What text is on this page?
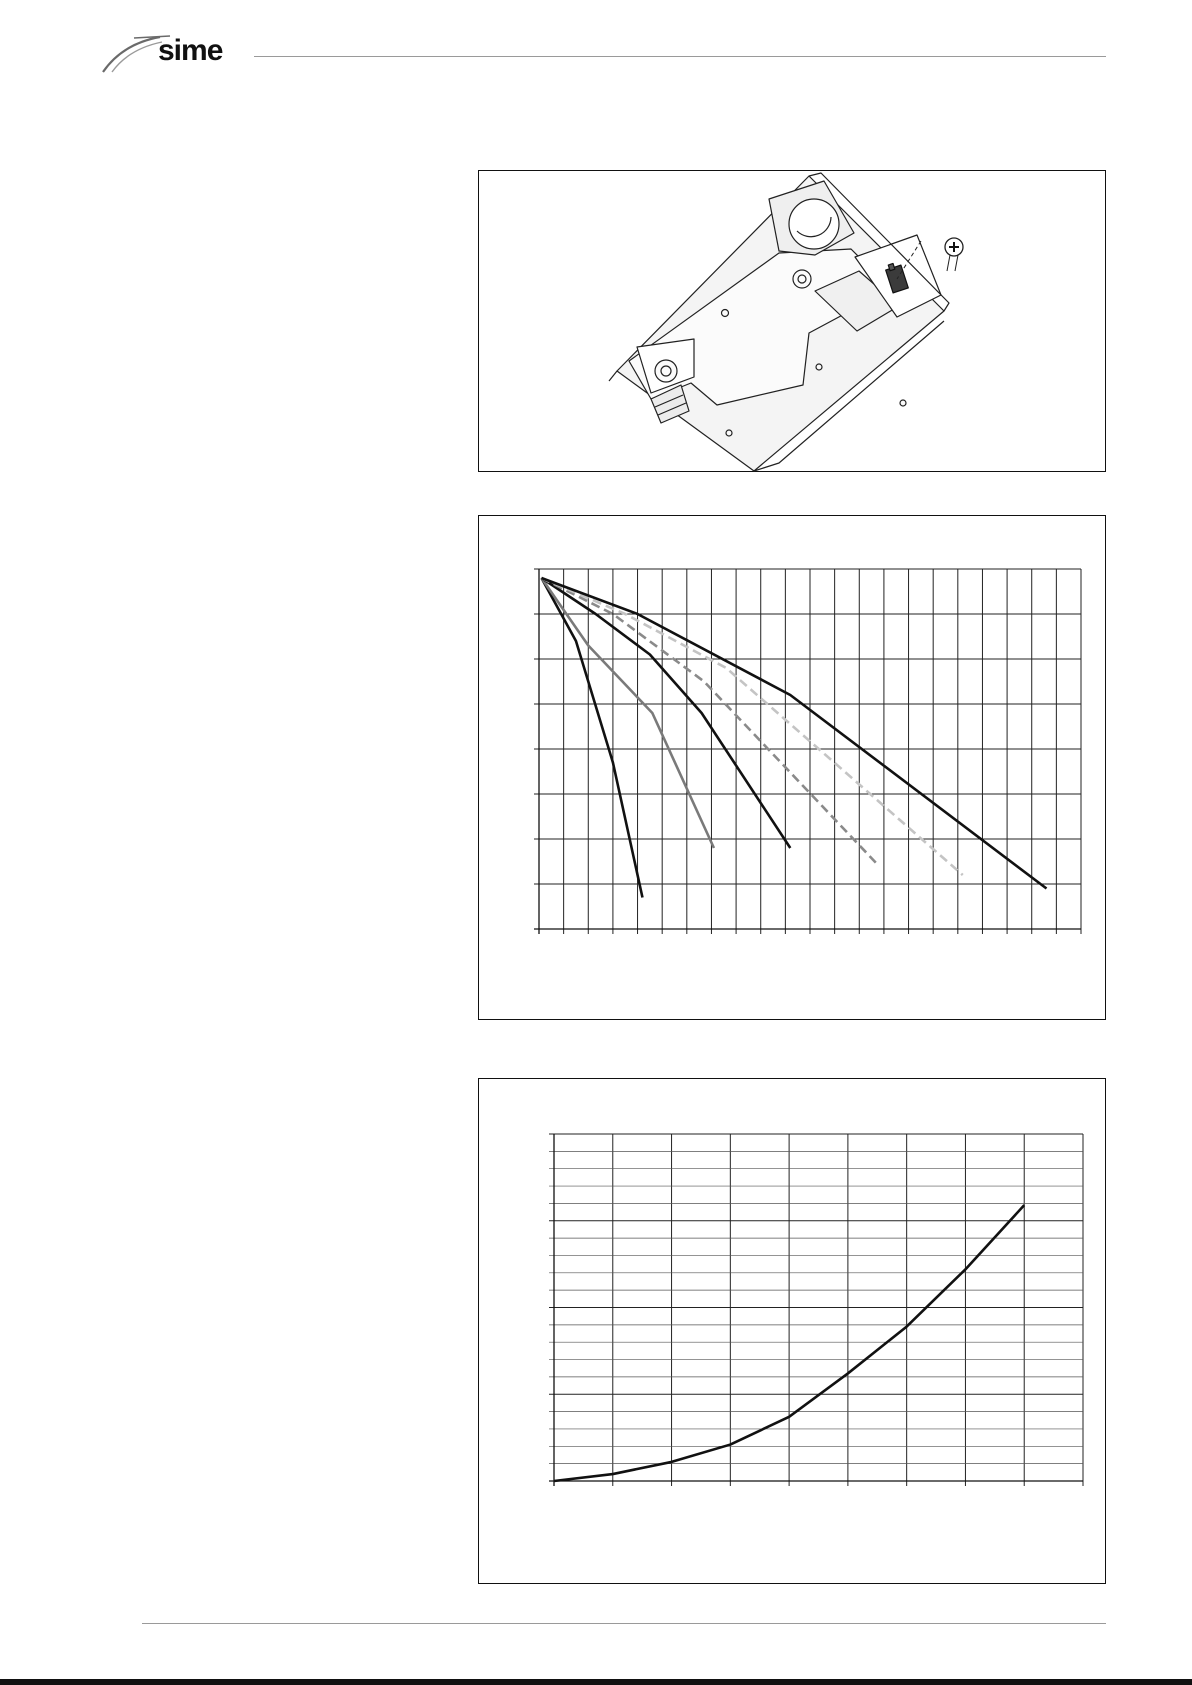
sime
